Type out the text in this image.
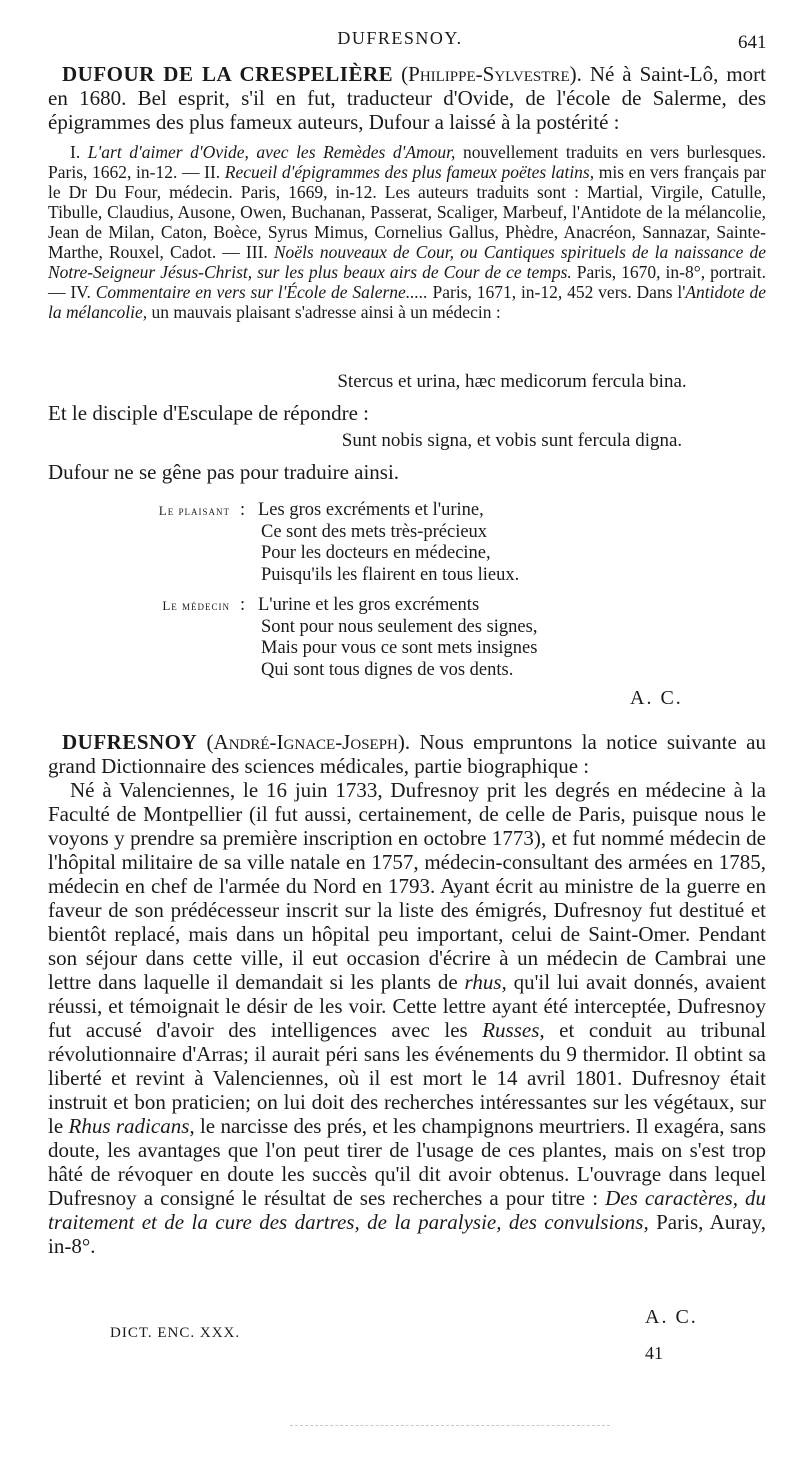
DUFRESNOY.	641

DUFOUR DE LA CRESPELIÈRE (Philippe-Sylvestre). Né à Saint-Lô, mort en 1680. Bel esprit, s'il en fut, traducteur d'Ovide, de l'école de Salerme, des épigrammes des plus fameux auteurs, Dufour a laissé à la postérité :

I. L'art d'aimer d'Ovide, avec les Remèdes d'Amour, nouvellement traduits en vers burlesques. Paris, 1662, in-12. — II. Recueil d'épigrammes des plus fameux poëtes latins, mis en vers français par le Dr Du Four, médecin. Paris, 1669, in-12. Les auteurs traduits sont : Martial, Virgile, Catulle, Tibulle, Claudius, Ausone, Owen, Buchanan, Passerat, Scaliger, Marbeuf, l'Antidote de la mélancolie, Jean de Milan, Caton, Boèce, Syrus Mimus, Cornelius Gallus, Phèdre, Anacréon, Sannazar, Sainte-Marthe, Rouxel, Cadot. — III. Noëls nouveaux de Cour, ou Cantiques spirituels de la naissance de Notre-Seigneur Jésus-Christ, sur les plus beaux airs de Cour de ce temps. Paris, 1670, in-8°, portrait. — IV. Commentaire en vers sur l'École de Salerne..... Paris, 1671, in-12, 452 vers. Dans l'Antidote de la mélancolie, un mauvais plaisant s'adresse ainsi à un médecin :

Stercus et urina, hæc medicorum fercula bina.
Et le disciple d'Esculape de répondre :
Sunt nobis signa, et vobis sunt fercula digna.
Dufour ne se gêne pas pour traduire ainsi.
Le plaisant : Les gros excréments et l'urine,
Ce sont des mets très-précieux
Pour les docteurs en médecine,
Puisqu'ils les flairent en tous lieux.
Le médecin : L'urine et les gros excréments
Sont pour nous seulement des signes,
Mais pour vous ce sont mets insignes
Qui sont tous dignes de vos dents.
A. C.

DUFRESNOY (André-Ignace-Joseph). Nous empruntons la notice suivante au grand Dictionnaire des sciences médicales, partie biographique :

Né à Valenciennes, le 16 juin 1733, Dufresnoy prit les degrés en médecine à la Faculté de Montpellier (il fut aussi, certainement, de celle de Paris, puisque nous le voyons y prendre sa première inscription en octobre 1773), et fut nommé médecin de l'hôpital militaire de sa ville natale en 1757, médecin-consultant des armées en 1785, médecin en chef de l'armée du Nord en 1793. Ayant écrit au ministre de la guerre en faveur de son prédécesseur inscrit sur la liste des émigrés, Dufresnoy fut destitué et bientôt replacé, mais dans un hôpital peu important, celui de Saint-Omer. Pendant son séjour dans cette ville, il eut occasion d'écrire à un médecin de Cambrai une lettre dans laquelle il demandait si les plants de rhus, qu'il lui avait donnés, avaient réussi, et témoignait le désir de les voir. Cette lettre ayant été interceptée, Dufresnoy fut accusé d'avoir des intelligences avec les Russes, et conduit au tribunal révolutionnaire d'Arras; il aurait péri sans les événements du 9 thermidor. Il obtint sa liberté et revint à Valenciennes, où il est mort le 14 avril 1801. Dufresnoy était instruit et bon praticien; on lui doit des recherches intéressantes sur les végétaux, sur le Rhus radicans, le narcisse des prés, et les champignons meurtriers. Il exagéra, sans doute, les avantages que l'on peut tirer de l'usage de ces plantes, mais on s'est trop hâté de révoquer en doute les succès qu'il dit avoir obtenus. L'ouvrage dans lequel Dufresnoy a consigné le résultat de ses recherches a pour titre : Des caractères, du traitement et de la cure des dartres, de la paralysie, des convulsions, Paris, Auray, in-8°.

A. C.
DICT. ENC. XXX.
41
